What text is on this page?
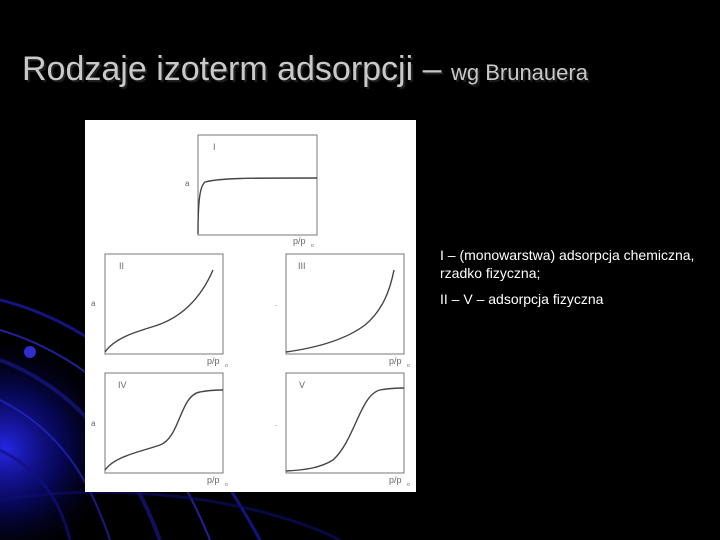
Rodzaje izoterm adsorpcji – wg Brunauera
I
II	III
IV	V
a
a	.
a	.
p/p o
p/p o	p/p o
p/p o	p/p o

I – (monowarstwa) adsorpcja chemiczna, rzadko fizyczna;

II – V – adsorpcja fizyczna
